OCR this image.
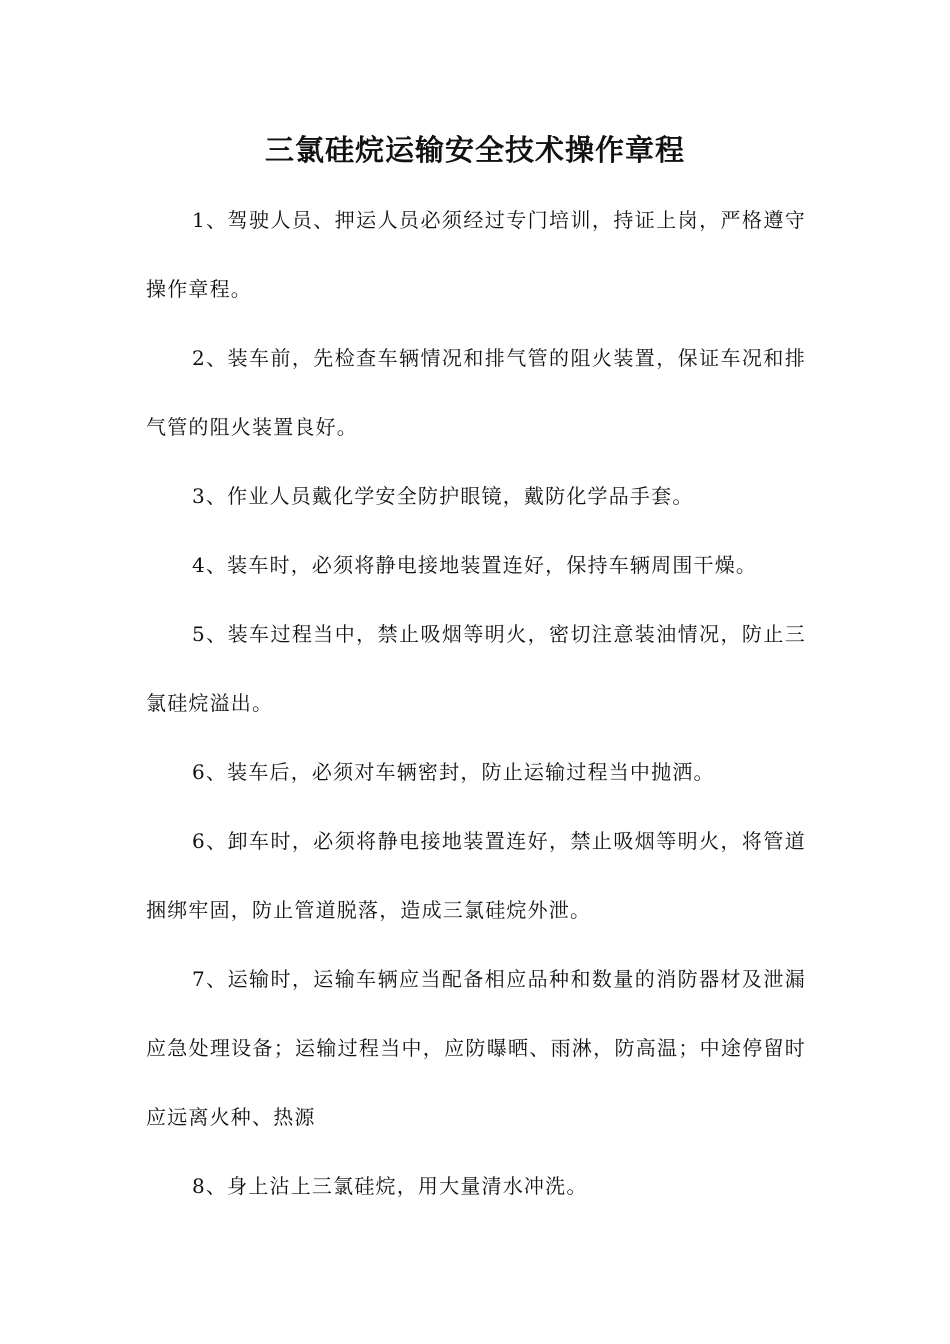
三氯硅烷运输安全技术操作章程

1、驾驶人员、押运人员必须经过专门培训，持证上岗，严格遵守操作章程。

2、装车前，先检查车辆情况和排气管的阻火装置，保证车况和排气管的阻火装置良好。

3、作业人员戴化学安全防护眼镜，戴防化学品手套。

4、装车时，必须将静电接地装置连好，保持车辆周围干燥。

5、装车过程当中，禁止吸烟等明火，密切注意装油情况，防止三氯硅烷溢出。

6、装车后，必须对车辆密封，防止运输过程当中抛洒。

6、卸车时，必须将静电接地装置连好，禁止吸烟等明火，将管道捆绑牢固，防止管道脱落，造成三氯硅烷外泄。

7、运输时，运输车辆应当配备相应品种和数量的消防器材及泄漏应急处理设备；运输过程当中，应防曝晒、雨淋，防高温；中途停留时应远离火种、热源

8、身上沾上三氯硅烷，用大量清水冲洗。
